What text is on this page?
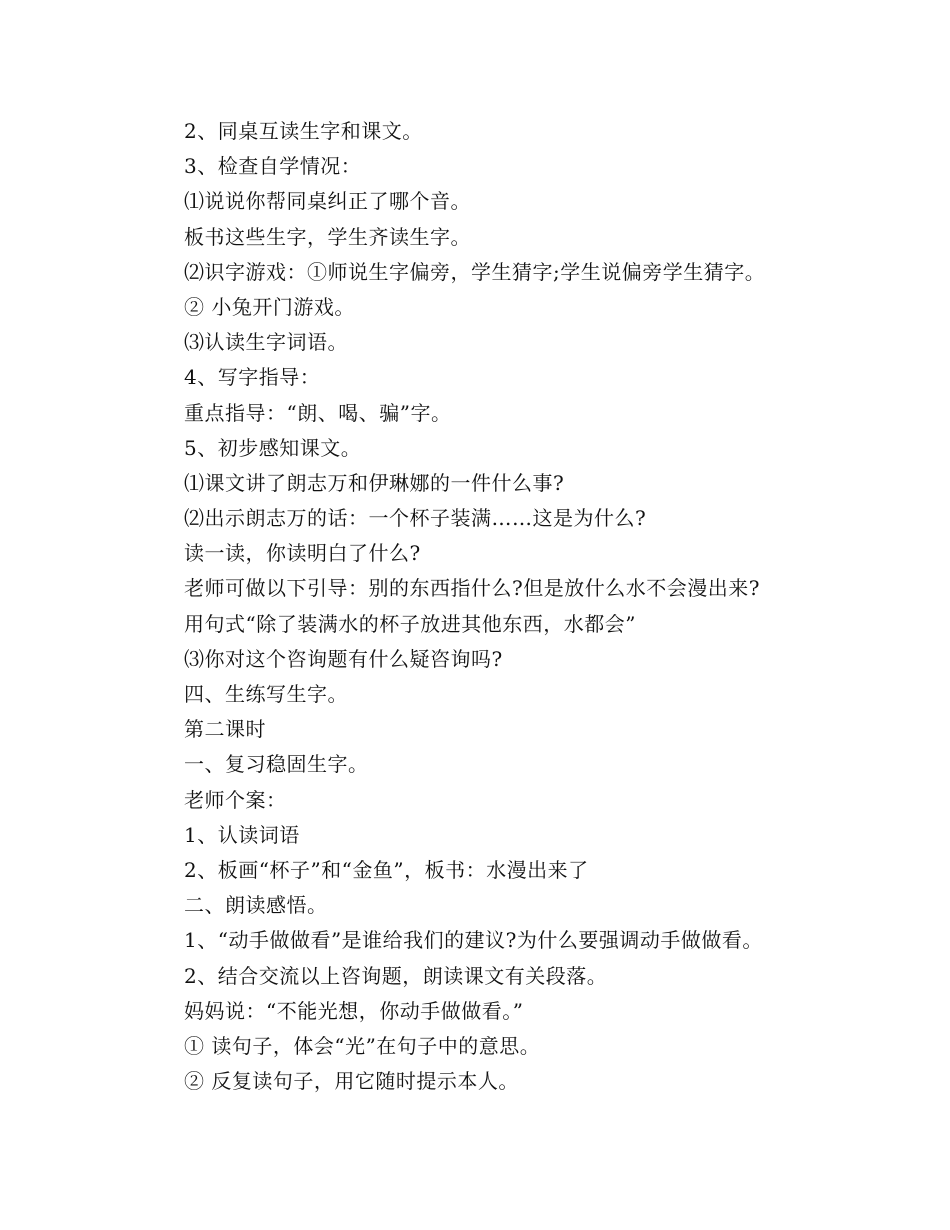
2、同桌互读生字和课文。
3、检查自学情况：
⑴说说你帮同桌纠正了哪个音。
板书这些生字，学生齐读生字。
⑵识字游戏：①师说生字偏旁，学生猜字;学生说偏旁学生猜字。
② 小兔开门游戏。
⑶认读生字词语。
4、写字指导：
重点指导：“朗、喝、骗”字。
5、初步感知课文。
⑴课文讲了朗志万和伊琳娜的一件什么事?
⑵出示朗志万的话：一个杯子装满……这是为什么?
读一读，你读明白了什么?
老师可做以下引导：别的东西指什么?但是放什么水不会漫出来?
用句式“除了装满水的杯子放进其他东西，水都会”
⑶你对这个咨询题有什么疑咨询吗?
四、生练写生字。
第二课时
一、复习稳固生字。
老师个案：
1、认读词语
2、板画“杯子”和“金鱼”，板书：水漫出来了
二、朗读感悟。
1、“动手做做看”是谁给我们的建议?为什么要强调动手做做看。
2、结合交流以上咨询题，朗读课文有关段落。
妈妈说：“不能光想，你动手做做看。”
① 读句子，体会“光”在句子中的意思。
② 反复读句子，用它随时提示本人。
